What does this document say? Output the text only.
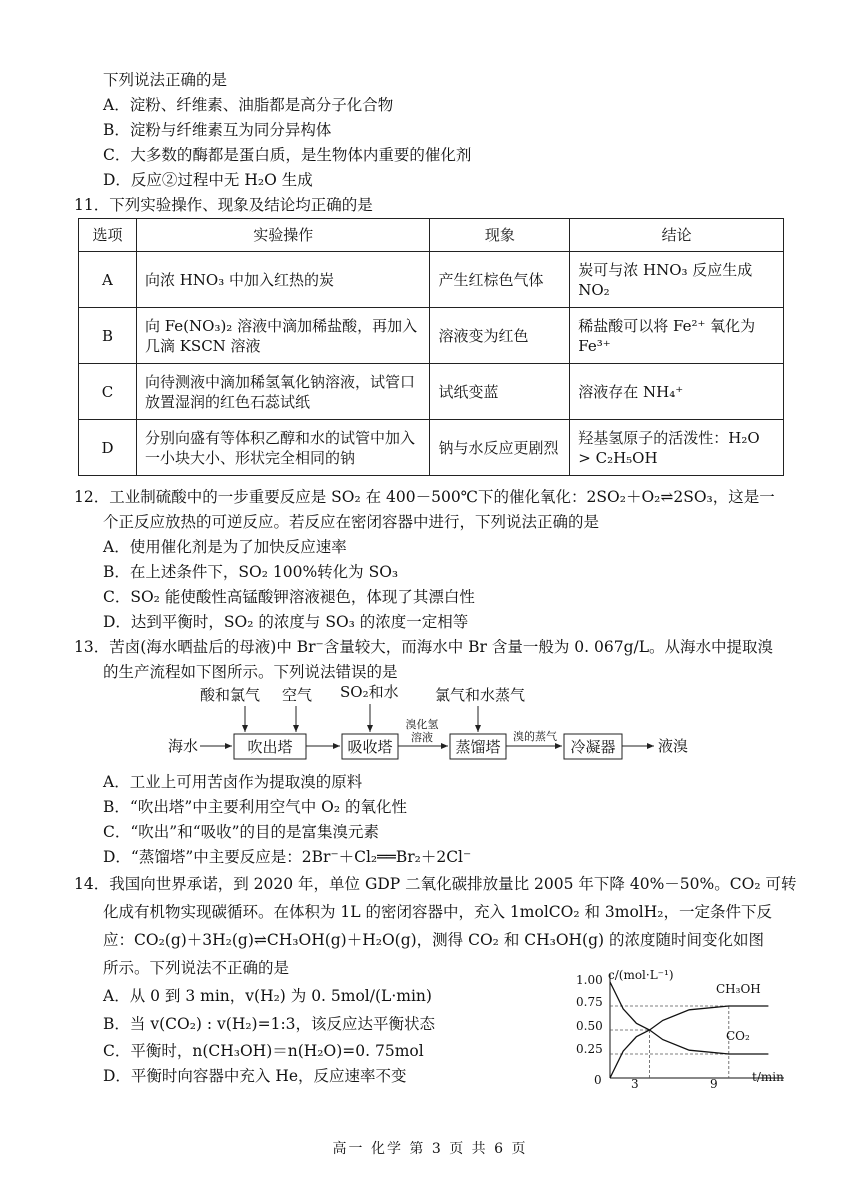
下列说法正确的是
A．淀粉、纤维素、油脂都是高分子化合物
B．淀粉与纤维素互为同分异构体
C．大多数的酶都是蛋白质，是生物体内重要的催化剂
D．反应②过程中无 H₂O 生成
11．下列实验操作、现象及结论均正确的是
选项	实验操作	现象	结论
A	向浓 HNO₃ 中加入红热的炭	产生红棕色气体	炭可与浓 HNO₃ 反应生成 NO₂
B	向 Fe(NO₃)₂ 溶液中滴加稀盐酸，再加入几滴 KSCN 溶液	溶液变为红色	稀盐酸可以将 Fe²⁺ 氧化为 Fe³⁺
C	向待测液中滴加稀氢氧化钠溶液，试管口放置湿润的红色石蕊试纸	试纸变蓝	溶液存在 NH₄⁺
D	分别向盛有等体积乙醇和水的试管中加入一小块大小、形状完全相同的钠	钠与水反应更剧烈	羟基氢原子的活泼性：H₂O > C₂H₅OH
12．工业制硫酸中的一步重要反应是 SO₂ 在 400－500℃下的催化氧化：2SO₂＋O₂⇌2SO₃，这是一
个正反应放热的可逆反应。若反应在密闭容器中进行，下列说法正确的是
A．使用催化剂是为了加快反应速率
B．在上述条件下，SO₂ 100%转化为 SO₃
C．SO₂ 能使酸性高锰酸钾溶液褪色，体现了其漂白性
D．达到平衡时，SO₂ 的浓度与 SO₃ 的浓度一定相等
13．苦卤(海水晒盐后的母液)中 Br⁻含量较大，而海水中 Br 含量一般为 0. 067g/L。从海水中提取溴
的生产流程如下图所示。下列说法错误的是
酸和氯气 空气 SO₂和水 氯气和水蒸气
海水	液溴
吹出塔	吸收塔	蒸馏塔	冷凝器
溴化氢
溶液	溴的蒸气
A．工业上可用苦卤作为提取溴的原料
B．“吹出塔”中主要利用空气中 O₂ 的氧化性
C．“吹出”和“吸收”的目的是富集溴元素
D．“蒸馏塔”中主要反应是：2Br⁻＋Cl₂══Br₂＋2Cl⁻
14．我国向世界承诺，到 2020 年，单位 GDP 二氧化碳排放量比 2005 年下降 40%－50%。CO₂ 可转
化成有机物实现碳循环。在体积为 1L 的密闭容器中，充入 1molCO₂ 和 3molH₂，一定条件下反
应：CO₂(g)＋3H₂(g)⇌CH₃OH(g)＋H₂O(g)，测得 CO₂ 和 CH₃OH(g) 的浓度随时间变化如图
所示。下列说法不正确的是
A．从 0 到 3 min，v(H₂) 为 0. 5mol/(L·min)
B．当 v(CO₂) : v(H₂)=1:3，该反应达平衡状态
C．平衡时，n(CH₃OH)＝n(H₂O)=0. 75mol
D．平衡时向容器中充入 He，反应速率不变
c/(mol·L⁻¹)
t/min
1.00
0.75
0.50
0.25
0 3	9
CH₃OH
CO₂
高一 化学 第 3 页 共 6 页
